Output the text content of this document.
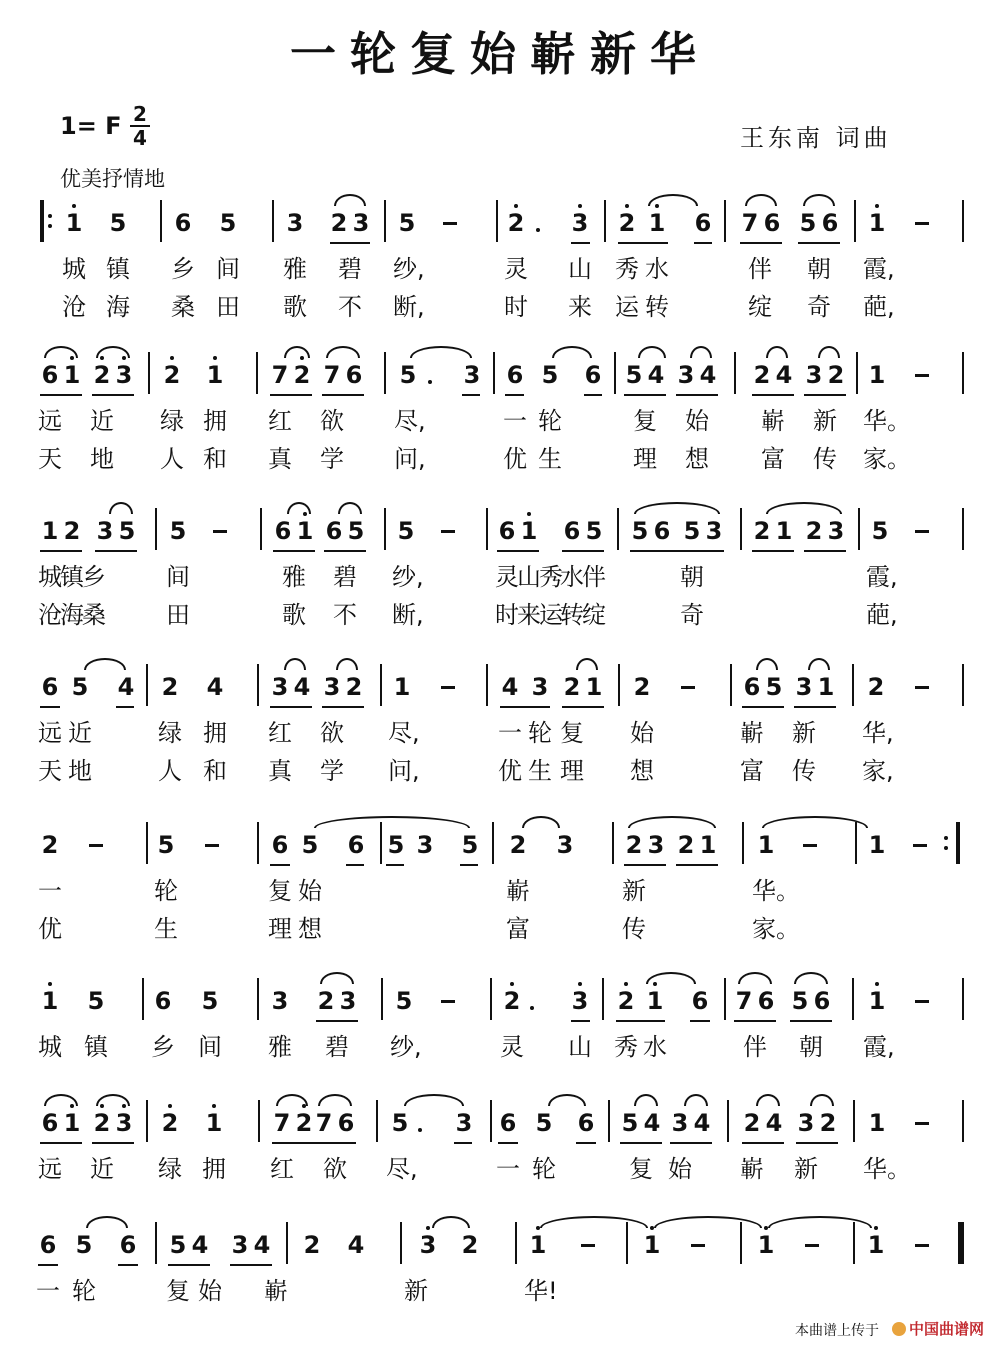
一轮复始嶄新华
1= F 2
4	王东南 词曲
优美抒情地
1 5 6 5 3 2 3 5	2 3 2 1 6 7 6 5 6 1
城 镇 乡 间 雅 碧 纱,	灵 山 秀 水	伴 朝 霞,
沧 海 桑 田 歌 不 断,	时 来 运 转	绽 奇 葩,
6 1 2 3 2 1 7 2 7 6 5 3 6 5 6 5 4 3 4 2 4 3 2 1
远 近 绿 拥 红 欲 尽,	一 轮	复 始 嶄 新 华。
天 地 人 和 真 学 问,	优 生	理 想 富 传 家。
1 2 3 5 5	6 1 6 5 5	6 1 6 5 5 6 5 3 2 1 2 3 5
城
镇
乡	间	雅 碧 纱,	灵
山
秀
水
伴	朝	霞,
沧
海
桑	田	歌 不 断,	时
来
运
转
绽	奇	葩,
6 5 4 2 4 3 4 3 2 1	4 3 2 1 2	6 5 3 1 2
远 近	绿 拥 红 欲 尽,	一 轮 复 始	嶄 新 华,
天 地	人 和 真 学 问,	优 生 理 想	富 传 家,
2	5	6 5 6 5 3 5 2 3 2 3 2 1 1	1
一	轮	复 始	嶄	新	华。
优	生	理 想	富	传	家。
1 5 6 5 3 2 3 5	2 3 2 1 6 7 6 5 6 1
城 镇 乡 间 雅 碧 纱,	灵 山 秀 水	伴 朝 霞,
6 1 2 3 2 1 7 2 7 6 5 3 6 5 6 5 4 3 4 2 4 3 2 1
远 近 绿 拥 红 欲 尽,	一 轮	复 始 嶄 新 华。
6 5 6 5 4 3 4 2 4 3 2 1	1	1	1
一 轮	复 始 嶄	新	华!
本曲谱上传于	中国曲谱网
